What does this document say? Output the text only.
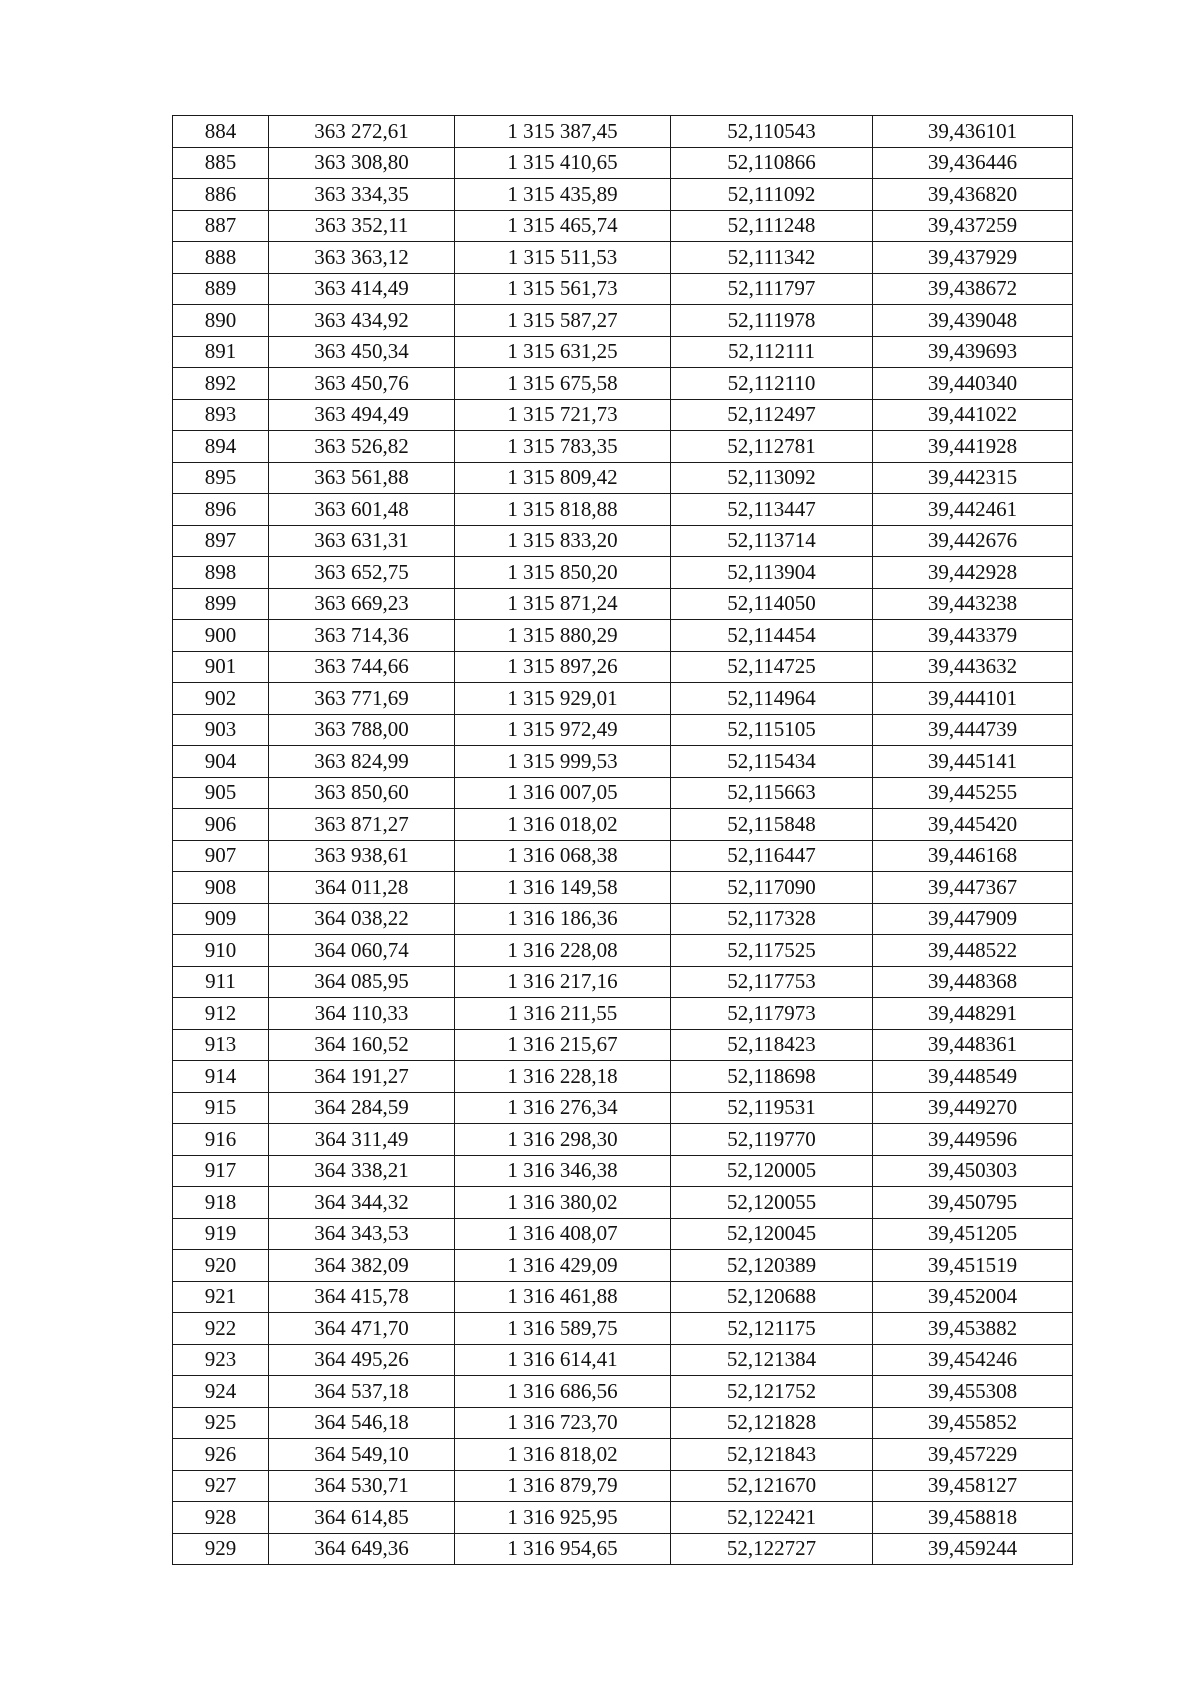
884	363 272,61	1 315 387,45	52,110543	39,436101
885	363 308,80	1 315 410,65	52,110866	39,436446
886	363 334,35	1 315 435,89	52,111092	39,436820
887	363 352,11	1 315 465,74	52,111248	39,437259
888	363 363,12	1 315 511,53	52,111342	39,437929
889	363 414,49	1 315 561,73	52,111797	39,438672
890	363 434,92	1 315 587,27	52,111978	39,439048
891	363 450,34	1 315 631,25	52,112111	39,439693
892	363 450,76	1 315 675,58	52,112110	39,440340
893	363 494,49	1 315 721,73	52,112497	39,441022
894	363 526,82	1 315 783,35	52,112781	39,441928
895	363 561,88	1 315 809,42	52,113092	39,442315
896	363 601,48	1 315 818,88	52,113447	39,442461
897	363 631,31	1 315 833,20	52,113714	39,442676
898	363 652,75	1 315 850,20	52,113904	39,442928
899	363 669,23	1 315 871,24	52,114050	39,443238
900	363 714,36	1 315 880,29	52,114454	39,443379
901	363 744,66	1 315 897,26	52,114725	39,443632
902	363 771,69	1 315 929,01	52,114964	39,444101
903	363 788,00	1 315 972,49	52,115105	39,444739
904	363 824,99	1 315 999,53	52,115434	39,445141
905	363 850,60	1 316 007,05	52,115663	39,445255
906	363 871,27	1 316 018,02	52,115848	39,445420
907	363 938,61	1 316 068,38	52,116447	39,446168
908	364 011,28	1 316 149,58	52,117090	39,447367
909	364 038,22	1 316 186,36	52,117328	39,447909
910	364 060,74	1 316 228,08	52,117525	39,448522
911	364 085,95	1 316 217,16	52,117753	39,448368
912	364 110,33	1 316 211,55	52,117973	39,448291
913	364 160,52	1 316 215,67	52,118423	39,448361
914	364 191,27	1 316 228,18	52,118698	39,448549
915	364 284,59	1 316 276,34	52,119531	39,449270
916	364 311,49	1 316 298,30	52,119770	39,449596
917	364 338,21	1 316 346,38	52,120005	39,450303
918	364 344,32	1 316 380,02	52,120055	39,450795
919	364 343,53	1 316 408,07	52,120045	39,451205
920	364 382,09	1 316 429,09	52,120389	39,451519
921	364 415,78	1 316 461,88	52,120688	39,452004
922	364 471,70	1 316 589,75	52,121175	39,453882
923	364 495,26	1 316 614,41	52,121384	39,454246
924	364 537,18	1 316 686,56	52,121752	39,455308
925	364 546,18	1 316 723,70	52,121828	39,455852
926	364 549,10	1 316 818,02	52,121843	39,457229
927	364 530,71	1 316 879,79	52,121670	39,458127
928	364 614,85	1 316 925,95	52,122421	39,458818
929	364 649,36	1 316 954,65	52,122727	39,459244
